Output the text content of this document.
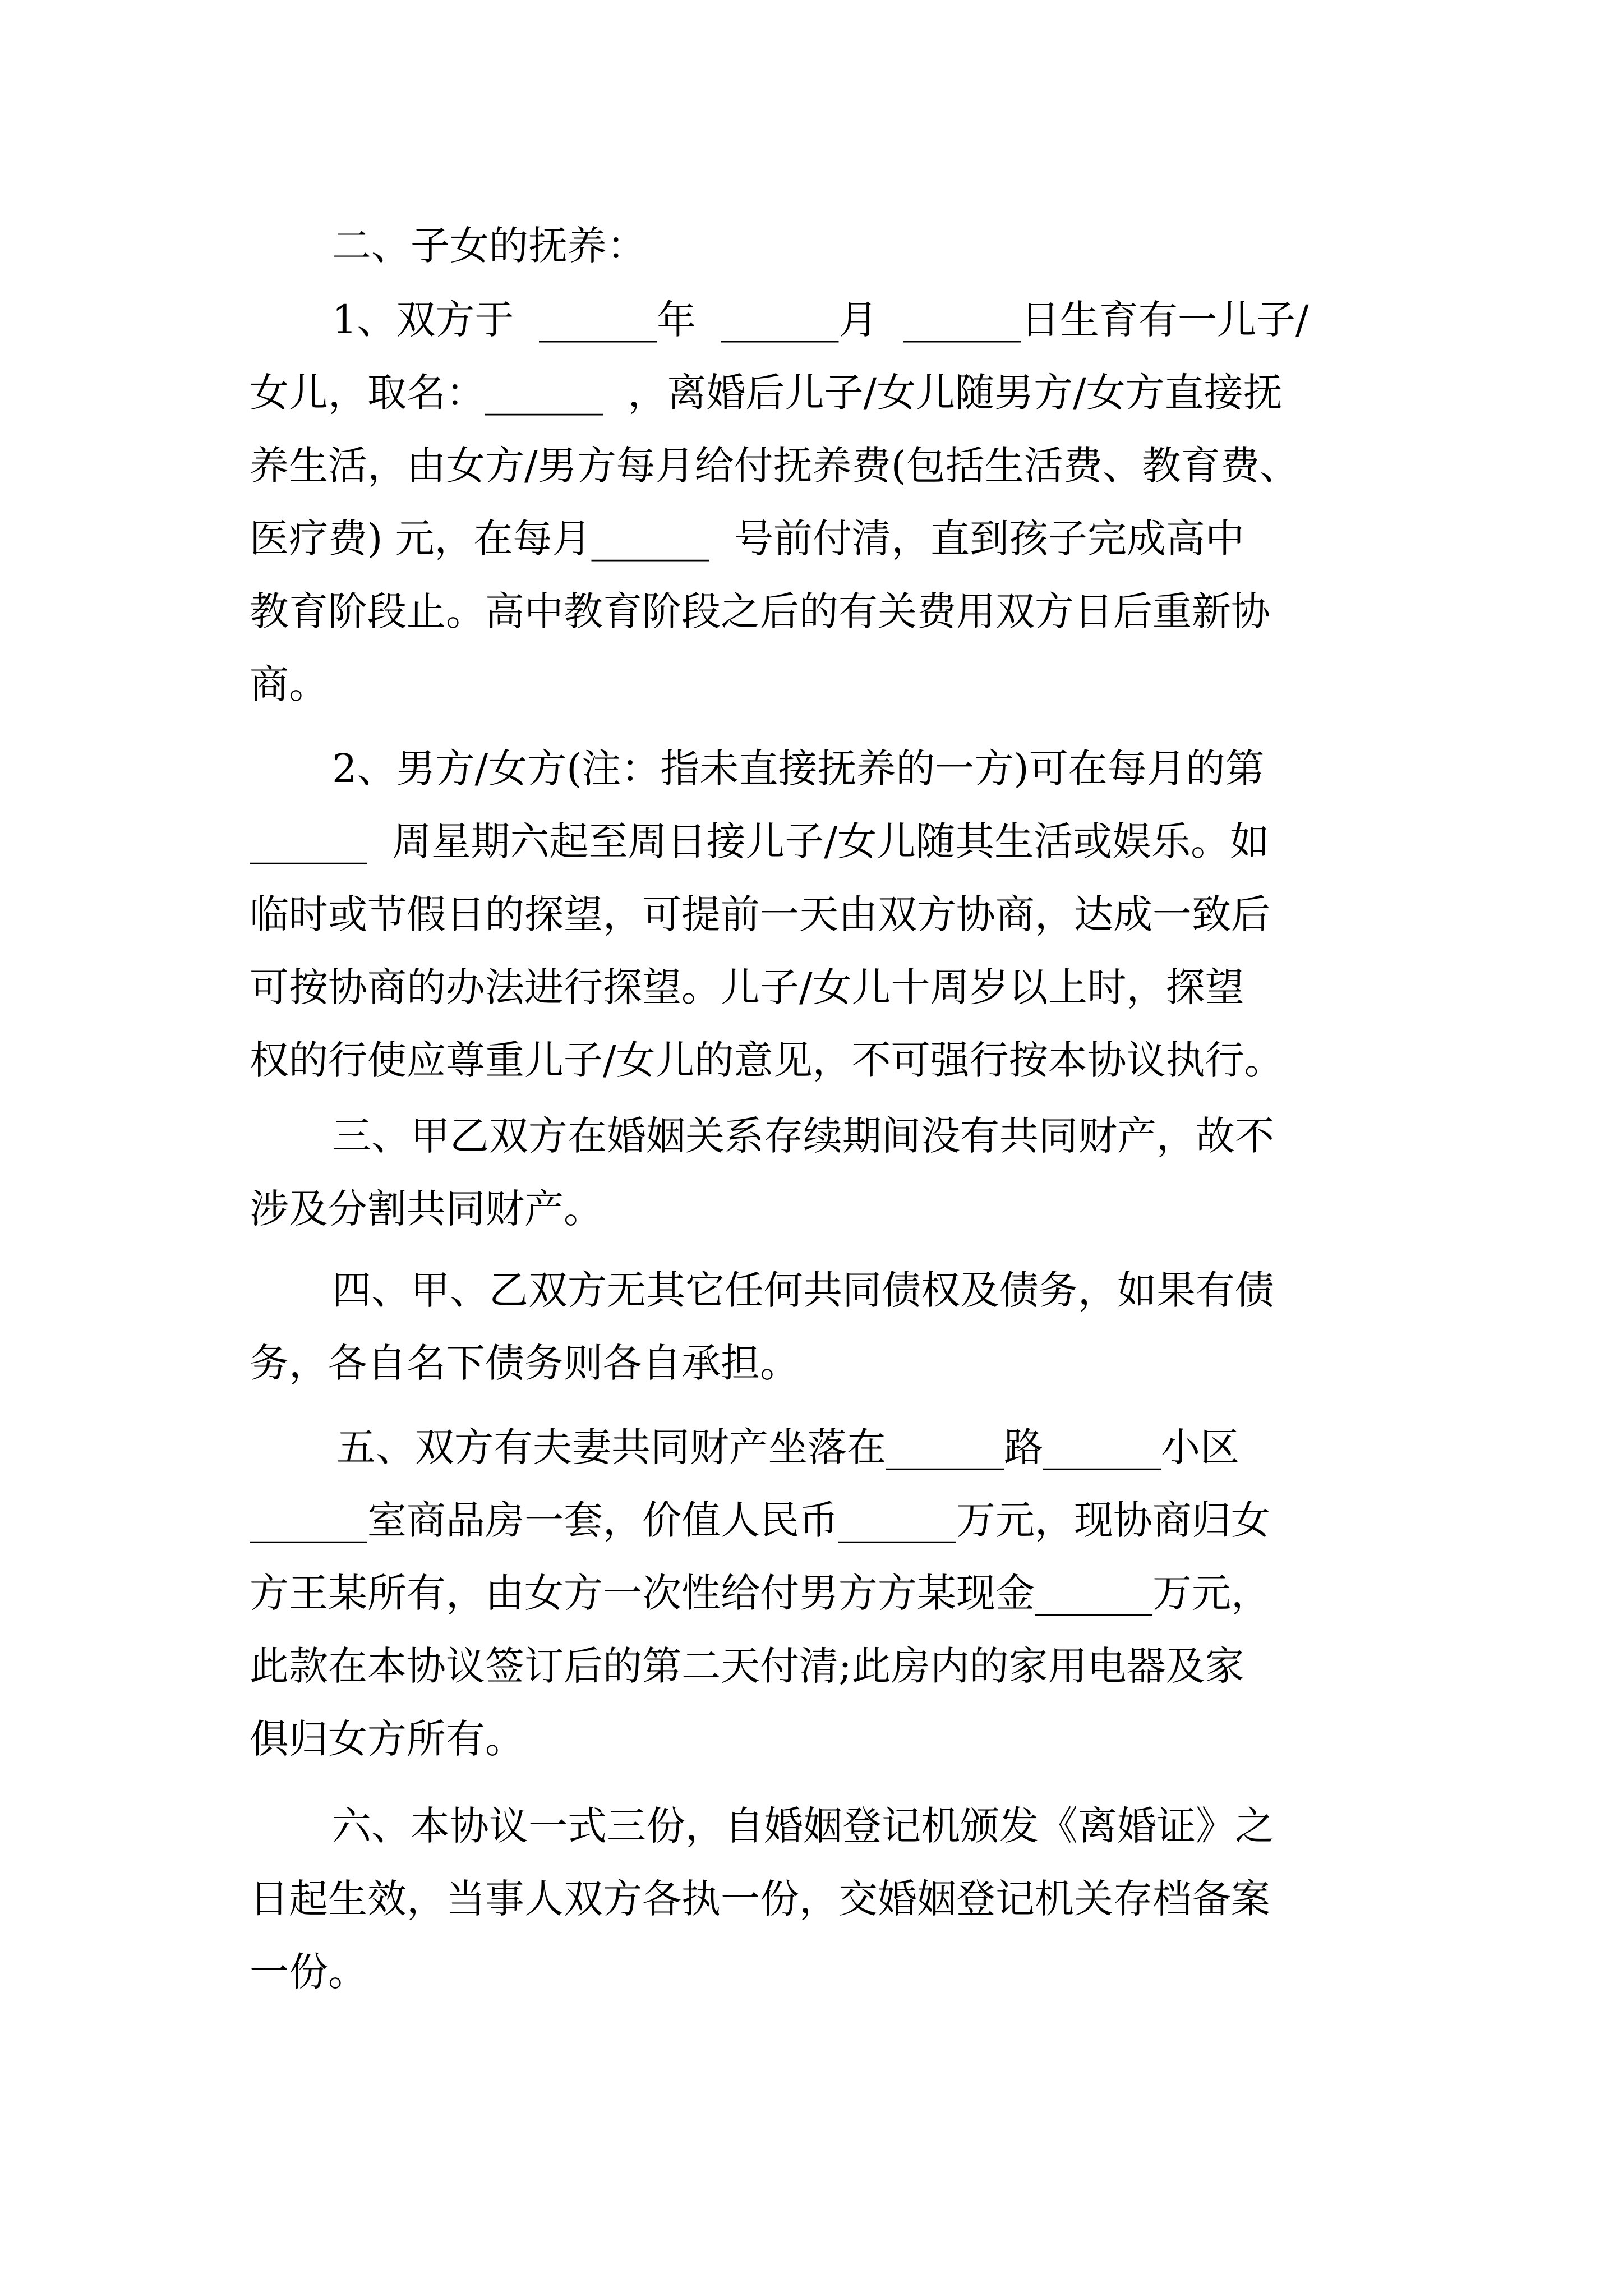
二、子女的抚养：
1、双方于  ______年  ______月  ______日生育有一儿子/
女儿，取名：______  ，离婚后儿子/女儿随男方/女方直接抚
养生活，由女方/男方每月给付抚养费(包括生活费、教育费、
医疗费) 元，在每月______  号前付清，直到孩子完成高中
教育阶段止。高中教育阶段之后的有关费用双方日后重新协
商。
2、男方/女方(注：指未直接抚养的一方)可在每月的第
______  周星期六起至周日接儿子/女儿随其生活或娱乐。如
临时或节假日的探望，可提前一天由双方协商，达成一致后
可按协商的办法进行探望。儿子/女儿十周岁以上时，探望
权的行使应尊重儿子/女儿的意见，不可强行按本协议执行。
三、甲乙双方在婚姻关系存续期间没有共同财产，故不
涉及分割共同财产。
四、甲、乙双方无其它任何共同债权及债务，如果有债
务，各自名下债务则各自承担。
五、双方有夫妻共同财产坐落在______路______小区
______室商品房一套，价值人民币______万元，现协商归女
方王某所有，由女方一次性给付男方方某现金______万元，
此款在本协议签订后的第二天付清;此房内的家用电器及家
俱归女方所有。
六、本协议一式三份，自婚姻登记机颁发《离婚证》之
日起生效，当事人双方各执一份，交婚姻登记机关存档备案
一份。
